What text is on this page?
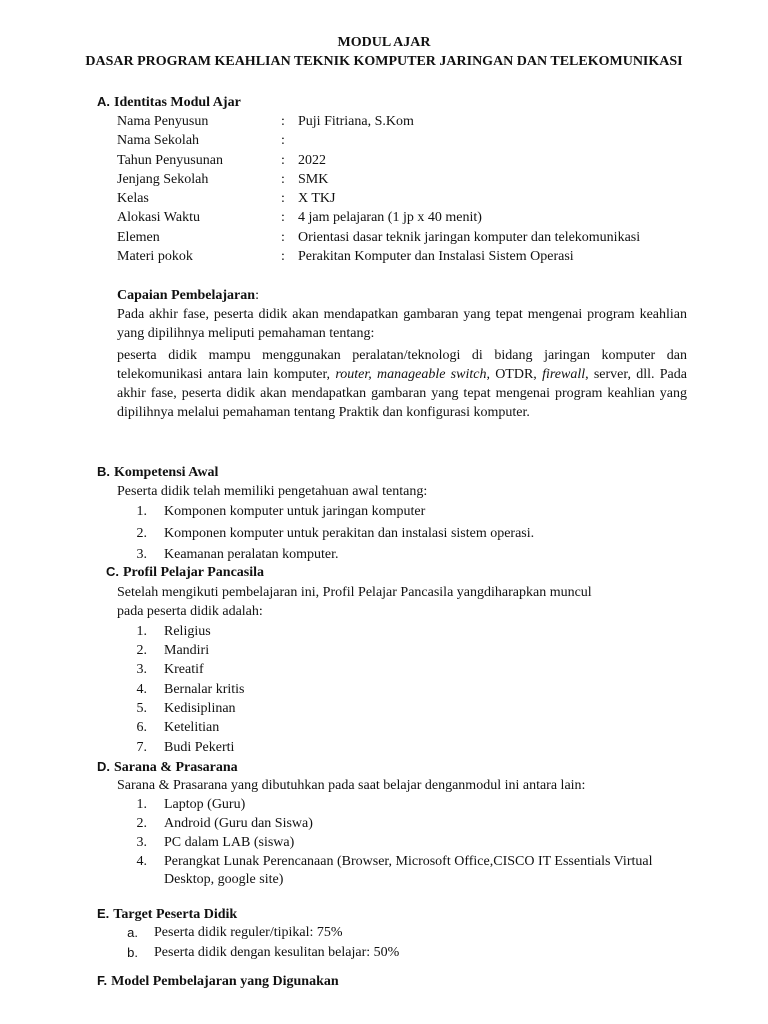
MODUL AJAR
DASAR PROGRAM KEAHLIAN TEKNIK KOMPUTER JARINGAN DAN TELEKOMUNIKASI
A. Identitas Modul Ajar
Nama Penyusun	: Puji Fitriana, S.Kom
Nama Sekolah	:
Tahun Penyusunan	: 2022
Jenjang Sekolah	: SMK
Kelas	: X TKJ
Alokasi Waktu	: 4 jam pelajaran (1 jp x 40 menit)
Elemen	: Orientasi dasar teknik jaringan komputer dan telekomunikasi
Materi pokok	: Perakitan Komputer dan Instalasi Sistem Operasi
Capaian Pembelajaran:
Pada akhir fase, peserta didik akan mendapatkan gambaran yang tepat mengenai program keahlian yang dipilihnya meliputi pemahaman tentang:
peserta didik mampu menggunakan peralatan/teknologi di bidang jaringan komputer dan telekomunikasi antara lain komputer, router, manageable switch, OTDR, firewall, server, dll. Pada akhir fase, peserta didik akan mendapatkan gambaran yang tepat mengenai program keahlian yang dipilihnya melalui pemahaman tentang Praktik dan konfigurasi komputer.
B. Kompetensi Awal
Peserta didik telah memiliki pengetahuan awal tentang:
1. Komponen komputer untuk jaringan komputer
2. Komponen komputer untuk perakitan dan instalasi sistem operasi.
3. Keamanan peralatan komputer.
C. Profil Pelajar Pancasila
Setelah mengikuti pembelajaran ini, Profil Pelajar Pancasila yangdiharapkan muncul
pada peserta didik adalah:
1. Religius
2. Mandiri
3. Kreatif
4. Bernalar kritis
5. Kedisiplinan
6. Ketelitian
7. Budi Pekerti
D. Sarana & Prasarana
Sarana & Prasarana yang dibutuhkan pada saat belajar denganmodul ini antara lain:
1. Laptop (Guru)
2. Android (Guru dan Siswa)
3. PC dalam LAB (siswa)
4. Perangkat Lunak Perencanaan (Browser, Microsoft Office,CISCO IT Essentials Virtual
Desktop, google site)
E. Target Peserta Didik
a. Peserta didik reguler/tipikal: 75%
b. Peserta didik dengan kesulitan belajar: 50%
F. Model Pembelajaran yang Digunakan
